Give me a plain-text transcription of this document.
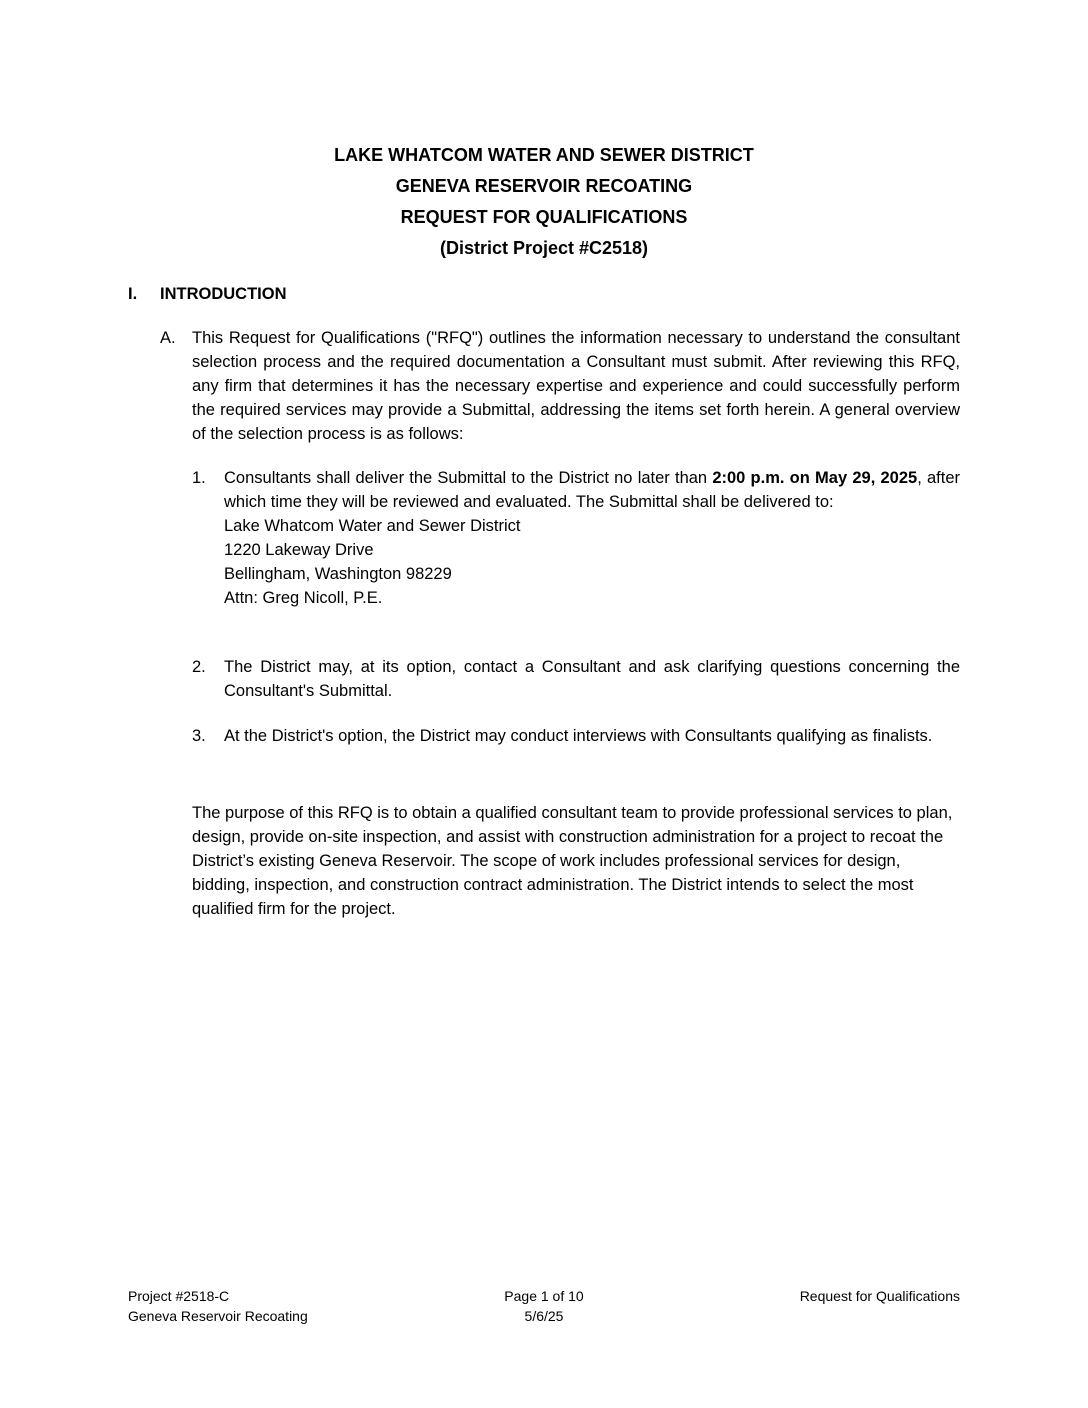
LAKE WHATCOM WATER AND SEWER DISTRICT
GENEVA RESERVOIR RECOATING
REQUEST FOR QUALIFICATIONS
(District Project #C2518)
I. INTRODUCTION
A. This Request for Qualifications ("RFQ") outlines the information necessary to understand the consultant selection process and the required documentation a Consultant must submit. After reviewing this RFQ, any firm that determines it has the necessary expertise and experience and could successfully perform the required services may provide a Submittal, addressing the items set forth herein. A general overview of the selection process is as follows:
1. Consultants shall deliver the Submittal to the District no later than 2:00 p.m. on May 29, 2025, after which time they will be reviewed and evaluated. The Submittal shall be delivered to:
Lake Whatcom Water and Sewer District
1220 Lakeway Drive
Bellingham, Washington 98229
Attn: Greg Nicoll, P.E.
2. The District may, at its option, contact a Consultant and ask clarifying questions concerning the Consultant's Submittal.
3. At the District's option, the District may conduct interviews with Consultants qualifying as finalists.
The purpose of this RFQ is to obtain a qualified consultant team to provide professional services to plan, design, provide on-site inspection, and assist with construction administration for a project to recoat the District’s existing Geneva Reservoir. The scope of work includes professional services for design, bidding, inspection, and construction contract administration. The District intends to select the most qualified firm for the project.
Project #2518-C
Geneva Reservoir Recoating
Page 1 of 10
5/6/25
Request for Qualifications
